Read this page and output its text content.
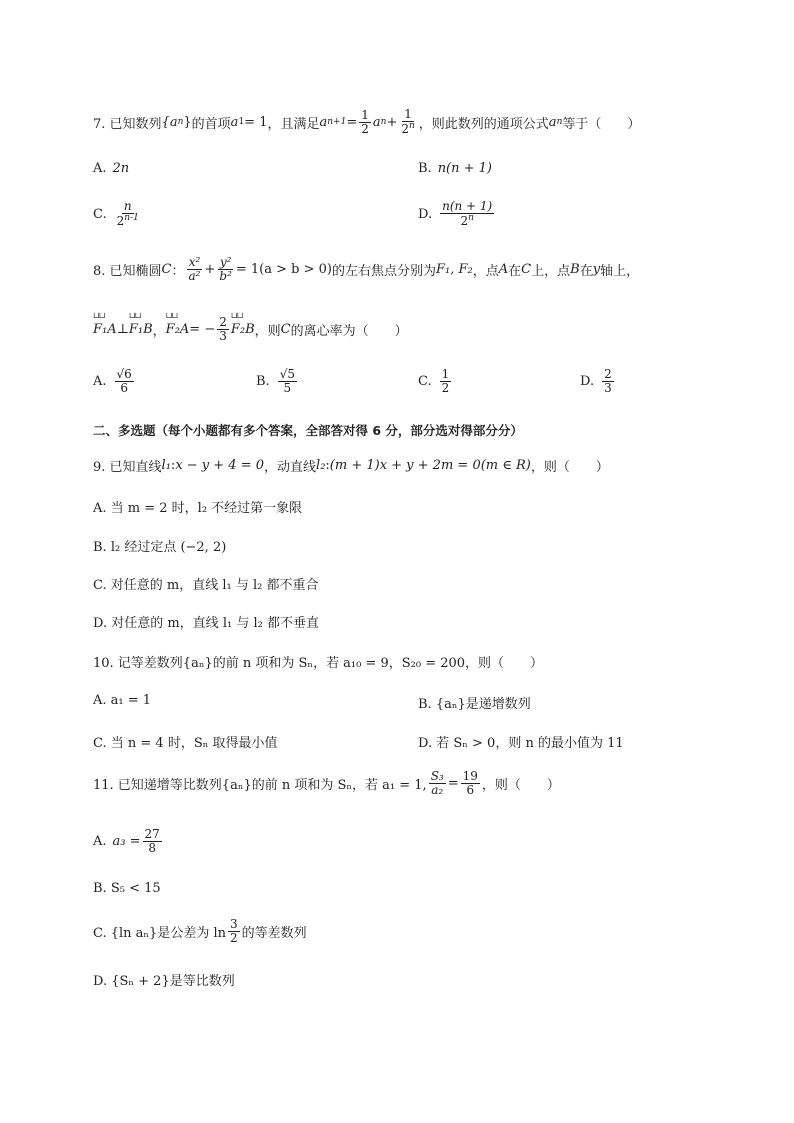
7. 已知数列 {a n } 的首项 a 1 = 1 ，且满足 a $n+1 = \frac{1}{2}$ a $n + \frac{1}{2^n}$ ，则此数列的通项公式 a n 等于（　　）
A. 2n	B. n(n + 1)
C. $\frac{n}{2^{n-1}}$	D. $\frac{n(n + 1)}{2^n}$
8. 已知椭圆 C ： $\frac{\text{x²}}{\text{a²}} + \frac{\text{y²}}{\text{b²}} = 1(a > b > 0)$ 的左右焦点分别为 F₁, F₂ ，点 A 在 C 上，点 B 在 y 轴上，
⊔⊔ F₁A ⊥ ⊔⊔ F₁B ， ⊔⊔ F₂A = − $\frac{2}{3}$ ⊔⊔ F₂B ，则 C 的离心率为（　　）
A. $\frac{√6}{6}$	B. $\frac{√5}{5}$	C. $\frac{1}{2}$	D. $\frac{2}{3}$
二、多选题（每个小题都有多个答案，全部答对得 6 分，部分选对得部分分）
9. 已知直线 l₁ : x − y + 4 = 0 ，动直线 l₂ : (m + 1)x + y + 2m = 0(m ∈ R) ，则（　　）
A. 当 m = 2 时，l₂ 不经过第一象限
B. l₂ 经过定点 (−2, 2)
C. 对任意的 m，直线 l₁ 与 l₂ 都不重合
D. 对任意的 m，直线 l₁ 与 l₂ 都不垂直
10. 记等差数列{aₙ}的前 n 项和为 Sₙ，若 a₁₀ = 9，S₂₀ = 200，则（　　）
A. a₁ = 1	B. {aₙ}是递增数列
C. 当 n = 4 时，Sₙ 取得最小值	D. 若 Sₙ > 0，则 n 的最小值为 11
11. 已知递增等比数列{aₙ}的前 n 项和为 Sₙ，若 a₁ = 1, $\frac{\text{S₃}}{\text{a₂}} = \frac{19}{6}$ ，则（　　）
A. $a_3 = \frac{27}{8}$
B. S₅ < 15
C. {ln aₙ}是公差为 $\ln \frac{3}{2}$ 的等差数列
D. {Sₙ + 2}是等比数列
